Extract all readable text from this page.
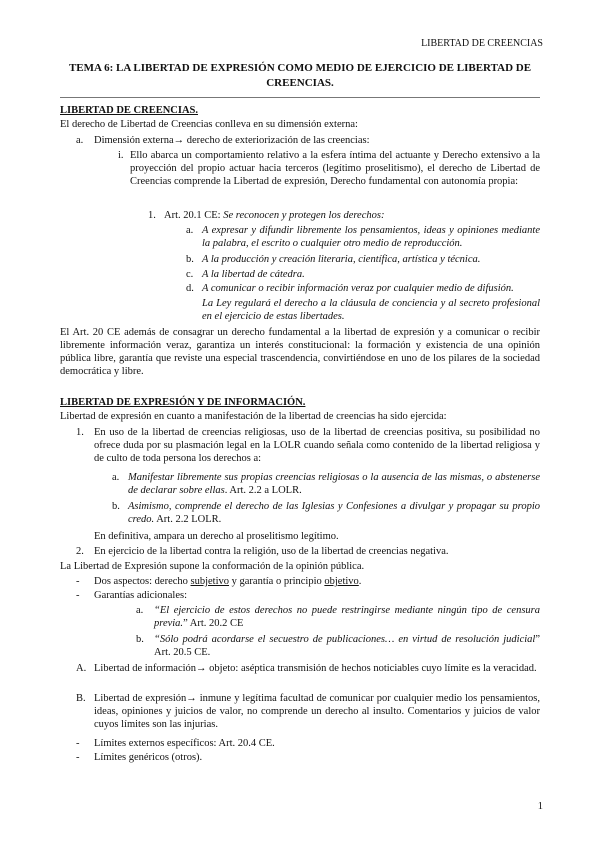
LIBERTAD DE CREENCIAS
TEMA 6: LA LIBERTAD DE EXPRESIÓN COMO MEDIO DE EJERCICIO DE LIBERTAD DE CREENCIAS.
LIBERTAD DE CREENCIAS.
El derecho de Libertad de Creencias conlleva en su dimensión externa:
a. Dimensión externa→ derecho de exteriorización de las creencias:
i. Ello abarca un comportamiento relativo a la esfera íntima del actuante y Derecho extensivo a la proyección del propio actuar hacia terceros (legítimo proselitismo), el derecho de Libertad de Creencias comprende la Libertad de expresión, Derecho fundamental con autonomía propia:
1. Art. 20.1 CE: Se reconocen y protegen los derechos:
a. A expresar y difundir libremente los pensamientos, ideas y opiniones mediante la palabra, el escrito o cualquier otro medio de reproducción.
b. A la producción y creación literaria, científica, artística y técnica.
c. A la libertad de cátedra.
d. A comunicar o recibir información veraz por cualquier medio de difusión.
La Ley regulará el derecho a la cláusula de conciencia y al secreto profesional en el ejercicio de estas libertades.
El Art. 20 CE además de consagrar un derecho fundamental a la libertad de expresión y a comunicar o recibir libremente información veraz, garantiza un interés constitucional: la formación y existencia de una opinión pública libre, garantía que reviste una especial trascendencia, convirtiéndose en uno de los pilares de la sociedad democrática y libre.
LIBERTAD DE EXPRESIÓN Y DE INFORMACIÓN.
Libertad de expresión en cuanto a manifestación de la libertad de creencias ha sido ejercida:
1. En uso de la libertad de creencias religiosas, uso de la libertad de creencias positiva, su posibilidad no ofrece duda por su plasmación legal en la LOLR cuando señala como contenido de la libertad religiosa y de culto de toda persona los derechos a:
a. Manifestar libremente sus propias creencias religiosas o la ausencia de las mismas, o abstenerse de declarar sobre ellas. Art. 2.2 a LOLR.
b. Asimismo, comprende el derecho de las Iglesias y Confesiones a divulgar y propagar su propio credo. Art. 2.2 LOLR.
En definitiva, ampara un derecho al proselitismo legítimo.
2. En ejercicio de la libertad contra la religión, uso de la libertad de creencias negativa.
La Libertad de Expresión supone la conformación de la opinión pública.
- Dos aspectos: derecho subjetivo y garantía o principio objetivo.
- Garantías adicionales:
a. “El ejercicio de estos derechos no puede restringirse mediante ningún tipo de censura previa.” Art. 20.2 CE
b. “Sólo podrá acordarse el secuestro de publicaciones… en virtud de resolución judicial” Art. 20.5 CE.
A. Libertad de información→ objeto: aséptica transmisión de hechos noticiables cuyo límite es la veracidad.
B. Libertad de expresión→ inmune y legítima facultad de comunicar por cualquier medio los pensamientos, ideas, opiniones y juicios de valor, no comprende un derecho al insulto. Comentarios y juicios de valor cuyos límites son las injurias.
- Límites externos específicos: Art. 20.4 CE.
- Límites genéricos (otros).
1
